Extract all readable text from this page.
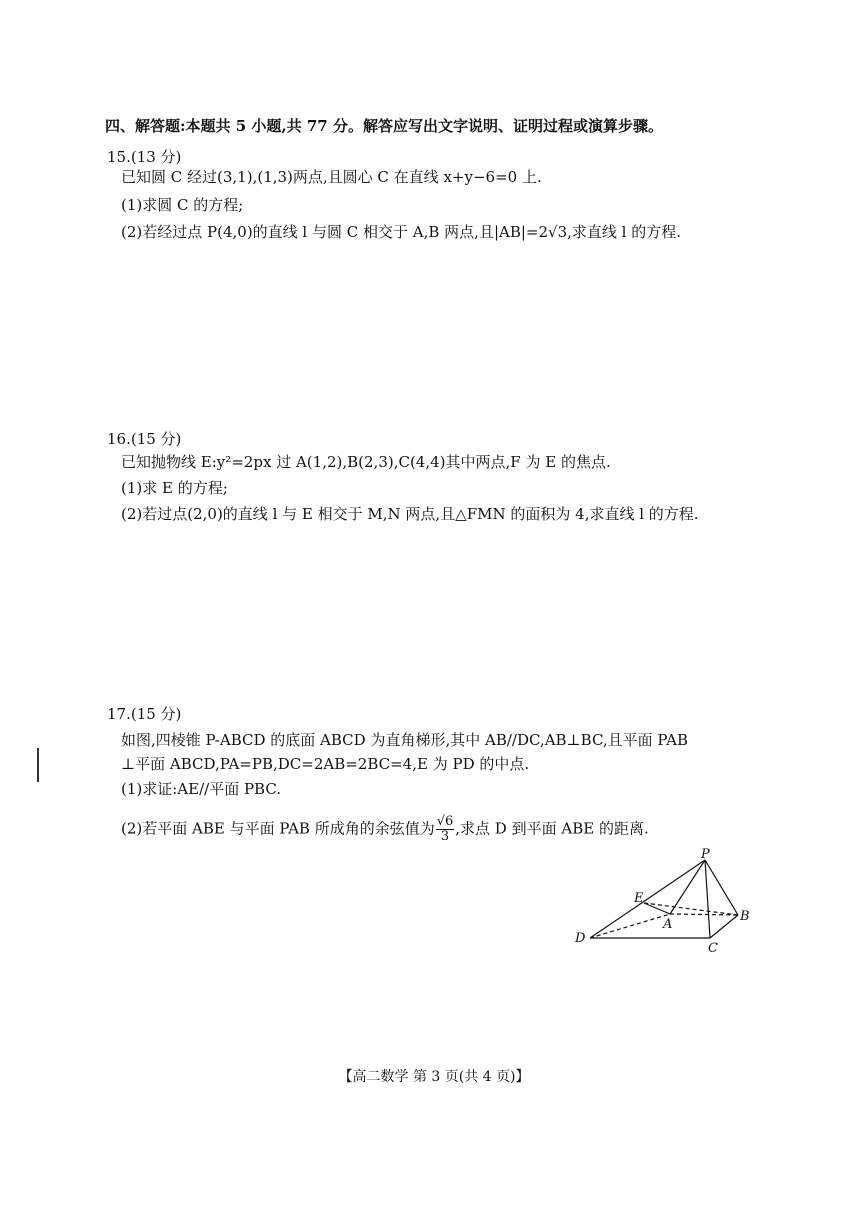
四、解答题:本题共 5 小题,共 77 分。解答应写出文字说明、证明过程或演算步骤。
15.(13 分)
已知圆 C 经过(3,1),(1,3)两点,且圆心 C 在直线 x+y−6=0 上.
(1)求圆 C 的方程;
(2)若经过点 P(4,0)的直线 l 与圆 C 相交于 A,B 两点,且|AB|=2√3,求直线 l 的方程.
16.(15 分)
已知抛物线 E:y²=2px 过 A(1,2),B(2,3),C(4,4)其中两点,F 为 E 的焦点.
(1)求 E 的方程;
(2)若过点(2,0)的直线 l 与 E 相交于 M,N 两点,且△FMN 的面积为 4,求直线 l 的方程.
17.(15 分)
如图,四棱锥 P-ABCD 的底面 ABCD 为直角梯形,其中 AB//DC,AB⊥BC,且平面 PAB
⊥平面 ABCD,PA=PB,DC=2AB=2BC=4,E 为 PD 的中点.
(1)求证:AE//平面 PBC.
(2)若平面 ABE 与平面 PAB 所成角的余弦值为 $\frac{√6}{3}$ ,求点 D 到平面 ABE 的距离.
P
E
A
B
C
D
【高二数学 第 3 页(共 4 页)】
